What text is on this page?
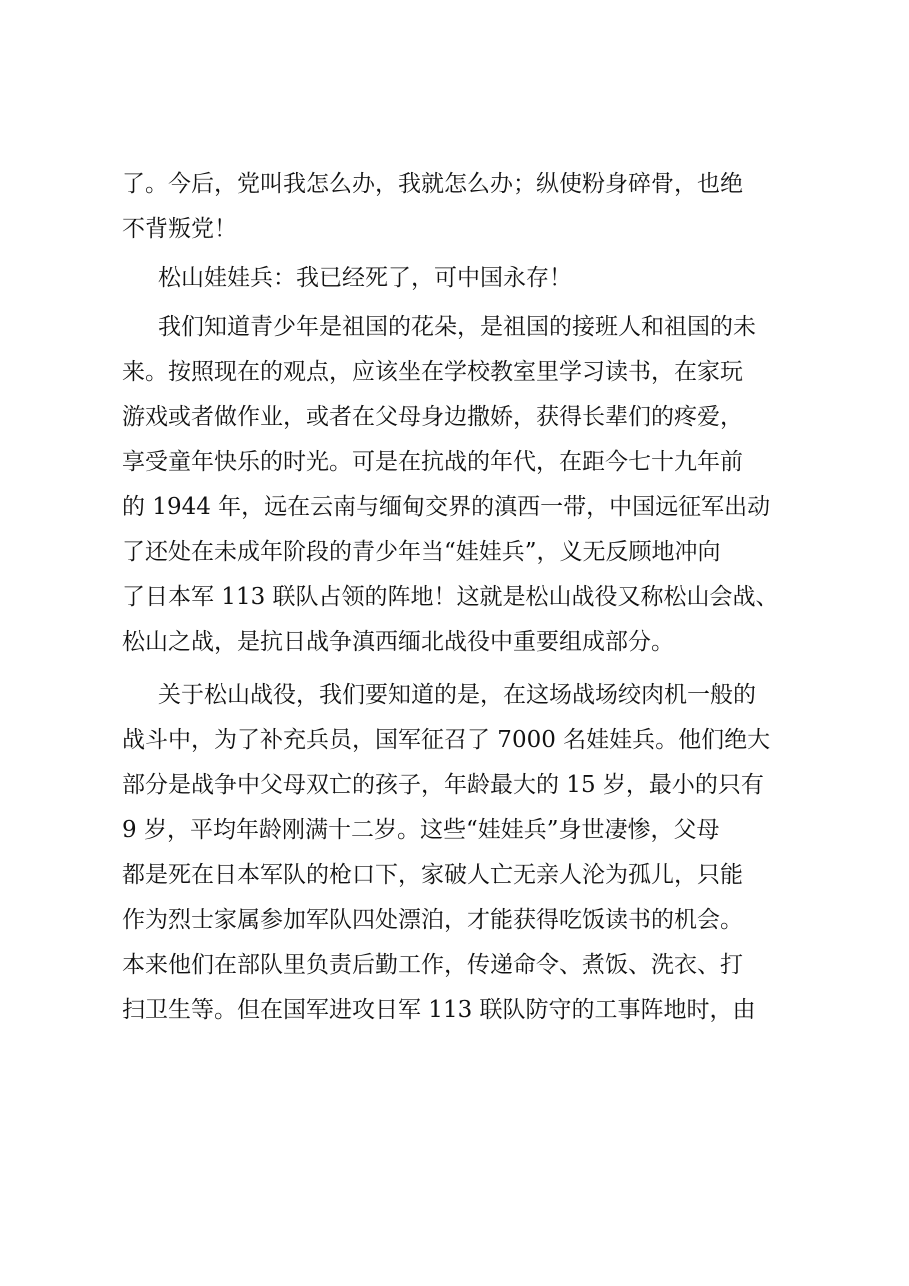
了。今后，党叫我怎么办，我就怎么办；纵使粉身碎骨，也绝
不背叛党！
松山娃娃兵：我已经死了，可中国永存！
我们知道青少年是祖国的花朵，是祖国的接班人和祖国的未
来。按照现在的观点，应该坐在学校教室里学习读书，在家玩
游戏或者做作业，或者在父母身边撒娇，获得长辈们的疼爱，
享受童年快乐的时光。可是在抗战的年代，在距今七十九年前
的 1944 年，远在云南与缅甸交界的滇西一带，中国远征军出动
了还处在未成年阶段的青少年当“娃娃兵”，义无反顾地冲向
了日本军 113 联队占领的阵地！这就是松山战役又称松山会战、
松山之战，是抗日战争滇西缅北战役中重要组成部分。
关于松山战役，我们要知道的是，在这场战场绞肉机一般的
战斗中，为了补充兵员，国军征召了 7000 名娃娃兵。他们绝大
部分是战争中父母双亡的孩子，年龄最大的 15 岁，最小的只有
9 岁，平均年龄刚满十二岁。这些“娃娃兵”身世凄惨，父母
都是死在日本军队的枪口下，家破人亡无亲人沦为孤儿，只能
作为烈士家属参加军队四处漂泊，才能获得吃饭读书的机会。
本来他们在部队里负责后勤工作，传递命令、煮饭、洗衣、打
扫卫生等。但在国军进攻日军 113 联队防守的工事阵地时，由
